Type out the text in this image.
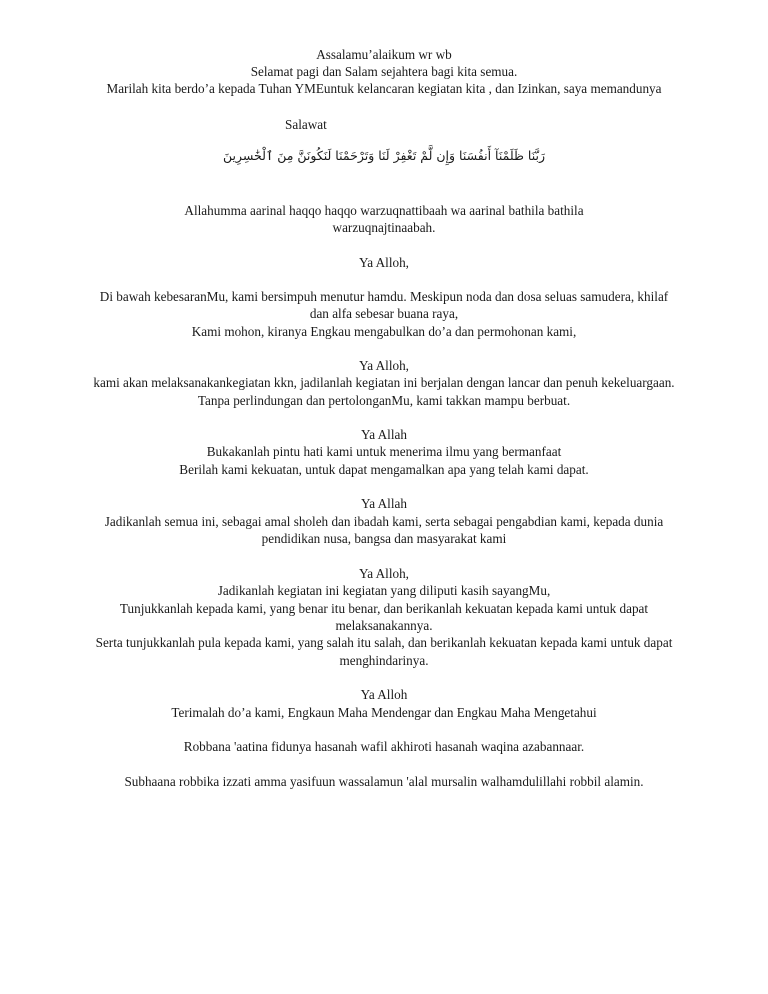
Assalamu’alaikum wr wb
Selamat pagi dan Salam sejahtera bagi kita semua.
Marilah kita berdo’a kepada Tuhan YMEuntuk kelancaran kegiatan kita , dan Izinkan, saya memandunya
Salawat
رَبَّنَا ظَلَمْنَآ أَنفُسَنَا وَإِن لَّمْ تَغْفِرْ لَنَا وَتَرْحَمْنَا لَنَكُونَنَّ مِنَ ٱلْخَٰسِرِينَ
Allahumma aarinal haqqo haqqo warzuqnattibaah wa aarinal bathila bathila
warzuqnajtinaabah.
Ya Alloh,
Di bawah kebesaranMu, kami bersimpuh menutur hamdu. Meskipun noda dan dosa seluas samudera, khilaf
dan alfa sebesar buana raya,
Kami mohon, kiranya Engkau mengabulkan do’a dan permohonan kami,
Ya Alloh,
kami akan melaksanakankegiatan kkn, jadilanlah kegiatan ini berjalan dengan lancar dan penuh kekeluargaan.
Tanpa perlindungan dan pertolonganMu, kami takkan mampu berbuat.
Ya Allah
Bukakanlah pintu hati kami untuk menerima ilmu yang bermanfaat
Berilah kami kekuatan, untuk dapat mengamalkan apa yang telah kami dapat.
Ya Allah
Jadikanlah semua ini, sebagai amal sholeh dan ibadah kami, serta sebagai pengabdian kami, kepada dunia
pendidikan nusa, bangsa dan masyarakat kami
Ya Alloh,
Jadikanlah kegiatan ini kegiatan yang diliputi kasih sayangMu,
Tunjukkanlah kepada kami, yang benar itu benar, dan berikanlah kekuatan kepada kami untuk dapat
melaksanakannya.
Serta tunjukkanlah pula kepada kami, yang salah itu salah, dan berikanlah kekuatan kepada kami untuk dapat
menghindarinya.
Ya Alloh
Terimalah do’a kami, Engkaun Maha Mendengar dan Engkau Maha Mengetahui
Robbana 'aatina fidunya hasanah wafil akhiroti hasanah waqina azabannaar.
Subhaana robbika izzati amma yasifuun wassalamun 'alal mursalin walhamdulillahi robbil alamin.
